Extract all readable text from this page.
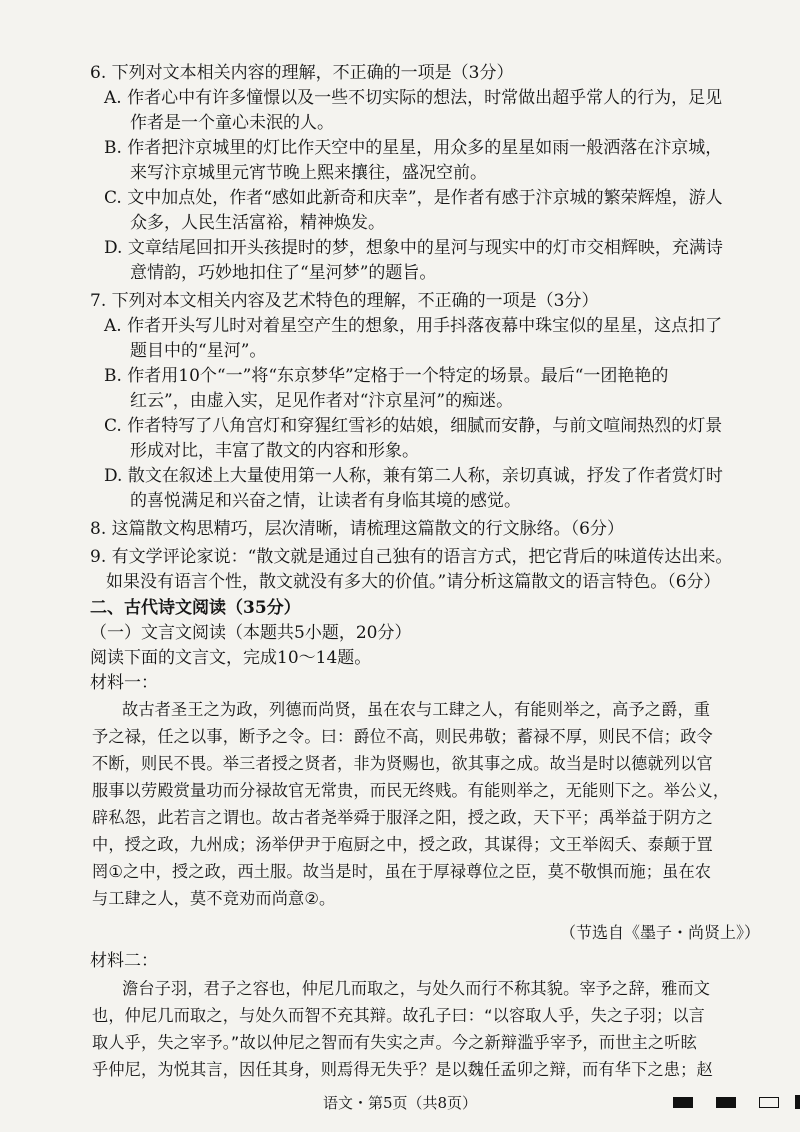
6. 下列对文本相关内容的理解，不正确的一项是（3分）
A. 作者心中有许多憧憬以及一些不切实际的想法，时常做出超乎常人的行为，足见
作者是一个童心未泯的人。
B. 作者把汴京城里的灯比作天空中的星星，用众多的星星如雨一般洒落在汴京城，
来写汴京城里元宵节晚上熙来攘往，盛况空前。
C. 文中加点处，作者“感如此新奇和庆幸”，是作者有感于汴京城的繁荣辉煌，游人
众多，人民生活富裕，精神焕发。
D. 文章结尾回扣开头孩提时的梦，想象中的星河与现实中的灯市交相辉映，充满诗
意情韵，巧妙地扣住了“星河梦”的题旨。
7. 下列对本文相关内容及艺术特色的理解，不正确的一项是（3分）
A. 作者开头写儿时对着星空产生的想象，用手抖落夜幕中珠宝似的星星，这点扣了
题目中的“星河”。
B. 作者用10个“一”将“东京梦华”定格于一个特定的场景。最后“一团艳艳的
红云”，由虚入实，足见作者对“汴京星河”的痴迷。
C. 作者特写了八角宫灯和穿猩红雪衫的姑娘，细腻而安静，与前文喧闹热烈的灯景
形成对比，丰富了散文的内容和形象。
D. 散文在叙述上大量使用第一人称，兼有第二人称，亲切真诚，抒发了作者赏灯时
的喜悦满足和兴奋之情，让读者有身临其境的感觉。
8. 这篇散文构思精巧，层次清晰，请梳理这篇散文的行文脉络。（6分）
9. 有文学评论家说：“散文就是通过自己独有的语言方式，把它背后的味道传达出来。
如果没有语言个性，散文就没有多大的价值。”请分析这篇散文的语言特色。（6分）
二、古代诗文阅读（35分）
（一）文言文阅读（本题共5小题，20分）
阅读下面的文言文，完成10～14题。
材料一：
故古者圣王之为政，列德而尚贤，虽在农与工肆之人，有能则举之，高予之爵，重
予之禄，任之以事，断予之令。曰：爵位不高，则民弗敬；蓄禄不厚，则民不信；政令
不断，则民不畏。举三者授之贤者，非为贤赐也，欲其事之成。故当是时以德就列以官
服事以劳殿赏量功而分禄故官无常贵，而民无终贱。有能则举之，无能则下之。举公义，
辟私怨，此若言之谓也。故古者尧举舜于服泽之阳，授之政，天下平；禹举益于阴方之
中，授之政，九州成；汤举伊尹于庖厨之中，授之政，其谋得；文王举闳夭、泰颠于罝
罔①之中，授之政，西土服。故当是时，虽在于厚禄尊位之臣，莫不敬惧而施；虽在农
与工肆之人，莫不竞劝而尚意②。
（节选自《墨子・尚贤上》）
材料二：
澹台子羽，君子之容也，仲尼几而取之，与处久而行不称其貌。宰予之辞，雅而文
也，仲尼几而取之，与处久而智不充其辩。故孔子曰：“以容取人乎，失之子羽；以言
取人乎，失之宰予。”故以仲尼之智而有失实之声。今之新辩滥乎宰予，而世主之听眩
乎仲尼，为悦其言，因任其身，则焉得无失乎？是以魏任孟卯之辩，而有华下之患；赵
语文・第5页（共8页）
